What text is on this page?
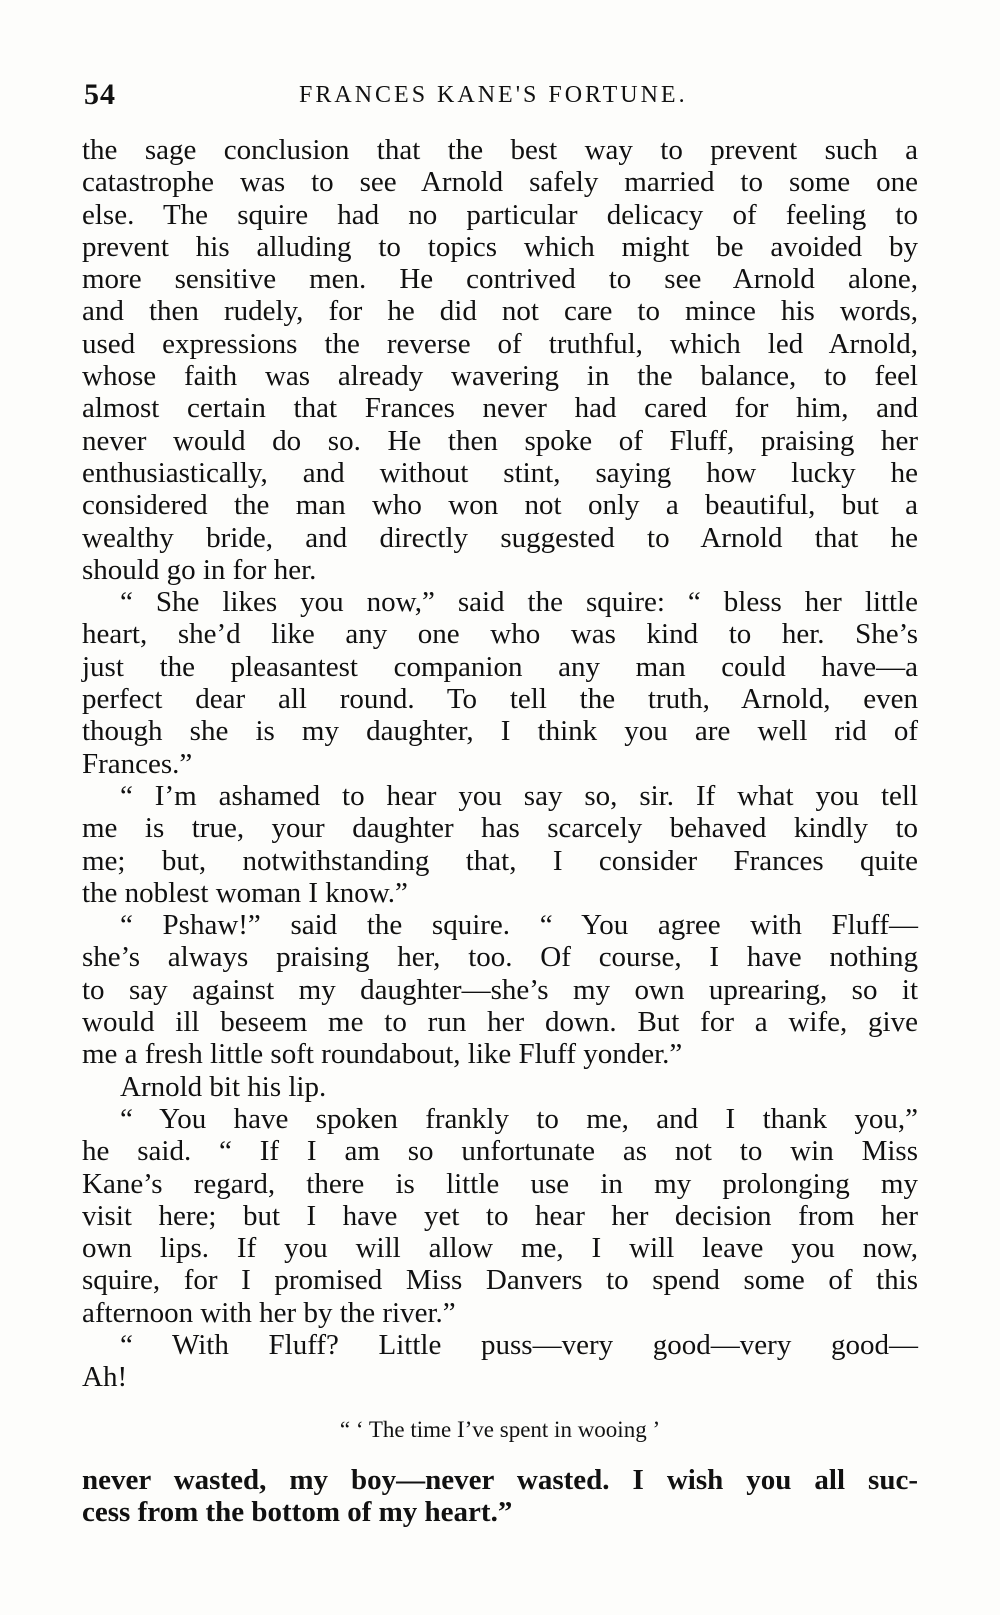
54	FRANCES KANE'S FORTUNE.
the sage conclusion that the best way to prevent such a
catastrophe was to see Arnold safely married to some one
else. The squire had no particular delicacy of feeling to
prevent his alluding to topics which might be avoided by
more sensitive men. He contrived to see Arnold alone,
and then rudely, for he did not care to mince his words,
used expressions the reverse of truthful, which led Arnold,
whose faith was already wavering in the balance, to feel
almost certain that Frances never had cared for him, and
never would do so. He then spoke of Fluff, praising her
enthusiastically, and without stint, saying how lucky he
considered the man who won not only a beautiful, but a
wealthy bride, and directly suggested to Arnold that he
should go in for her.
“ She likes you now,” said the squire: “ bless her little
heart, she’d like any one who was kind to her. She’s
just the pleasantest companion any man could have—a
perfect dear all round. To tell the truth, Arnold, even
though she is my daughter, I think you are well rid of
Frances.”
“ I’m ashamed to hear you say so, sir. If what you tell
me is true, your daughter has scarcely behaved kindly to
me; but, notwithstanding that, I consider Frances quite
the noblest woman I know.”
“ Pshaw!” said the squire. “ You agree with Fluff—
she’s always praising her, too. Of course, I have nothing
to say against my daughter—she’s my own uprearing, so it
would ill beseem me to run her down. But for a wife, give
me a fresh little soft roundabout, like Fluff yonder.”
Arnold bit his lip.
“ You have spoken frankly to me, and I thank you,”
he said. “ If I am so unfortunate as not to win Miss
Kane’s regard, there is little use in my prolonging my
visit here; but I have yet to hear her decision from her
own lips. If you will allow me, I will leave you now,
squire, for I promised Miss Danvers to spend some of this
afternoon with her by the river.”
“ With Fluff? Little puss—very good—very good—
Ah!
“ ‘ The time I’ve spent in wooing ’
never wasted, my boy—never wasted. I wish you all suc-
cess from the bottom of my heart.”
